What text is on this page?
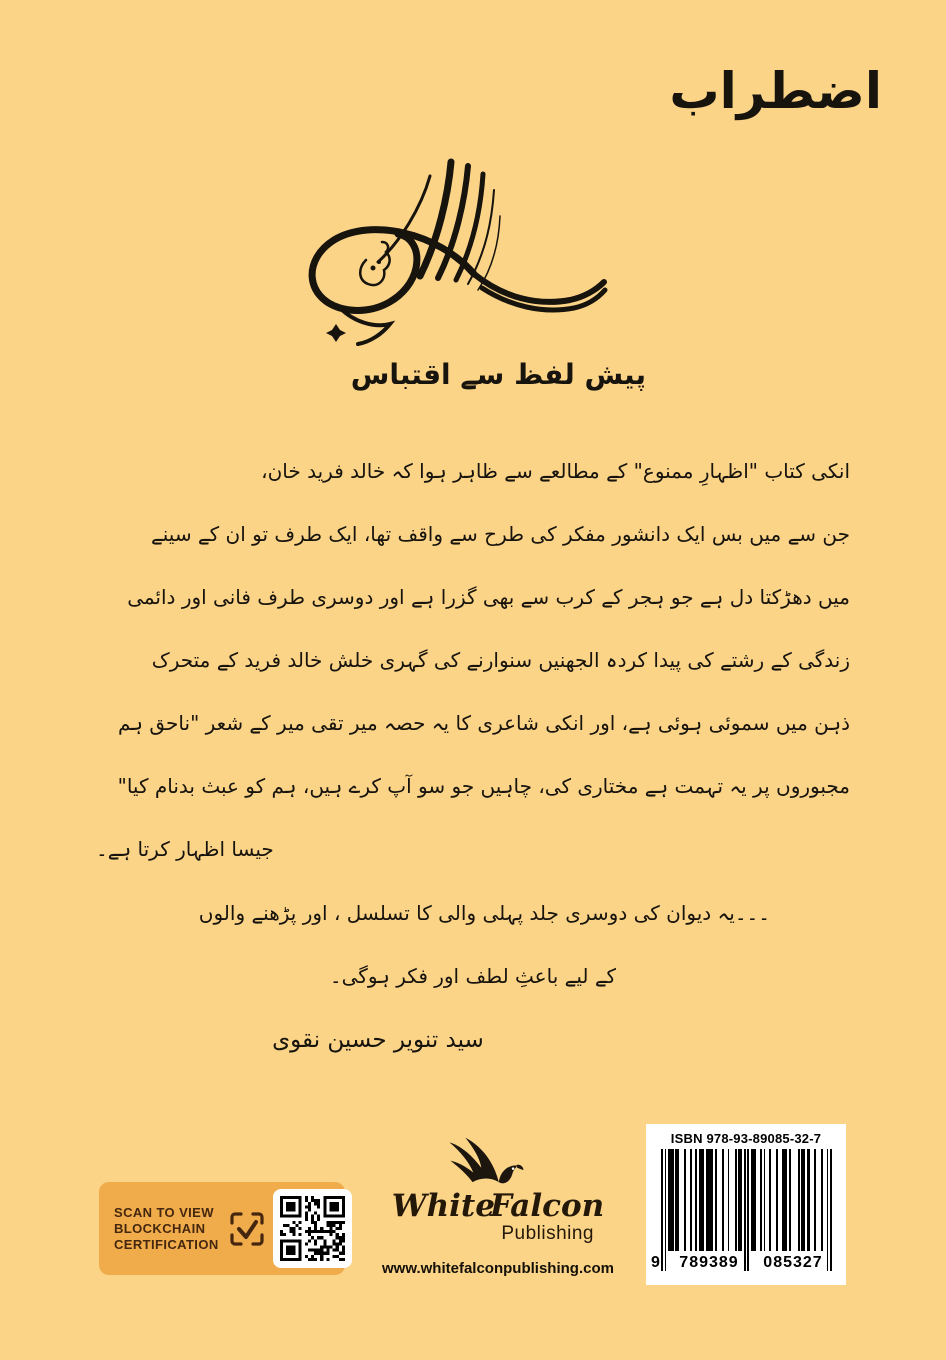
اضطراب
پیش لفظ سے اقتباس
انکی کتاب "اظہارِ ممنوع" کے مطالعے سے ظاہر ہوا کہ خالد فرید خان،
جن سے میں بس ایک دانشور مفکر کی طرح سے واقف تھا، ایک طرف تو ان کے سینے
میں دھڑکتا دل ہے جو ہجر کے کرب سے بھی گزرا ہے اور دوسری طرف فانی اور دائمی
زندگی کے رشتے کی پیدا کردہ الجھنیں سنوارنے کی گہری خلش خالد فرید کے متحرک
ذہن میں سموئی ہوئی ہے، اور انکی شاعری کا یہ حصہ میر تقی میر کے شعر "ناحق ہم
مجبوروں پر یہ تہمت ہے مختاری کی، چاہیں جو سو آپ کرے ہیں، ہم کو عبث بدنام کیا"
جیسا اظہار کرتا ہے۔
۔۔۔یہ دیوان کی دوسری جلد پہلی والی کا تسلسل ، اور پڑھنے والوں
کے لیے باعثِ لطف اور فکر ہوگی۔
سید تنویر حسین نقوی
SCAN TO VIEW
BLOCKCHAIN
CERTIFICATION
WhiteFalcon
Publishing
www.whitefalconpublishing.com
ISBN 978-93-89085-32-7
9	789389	085327
